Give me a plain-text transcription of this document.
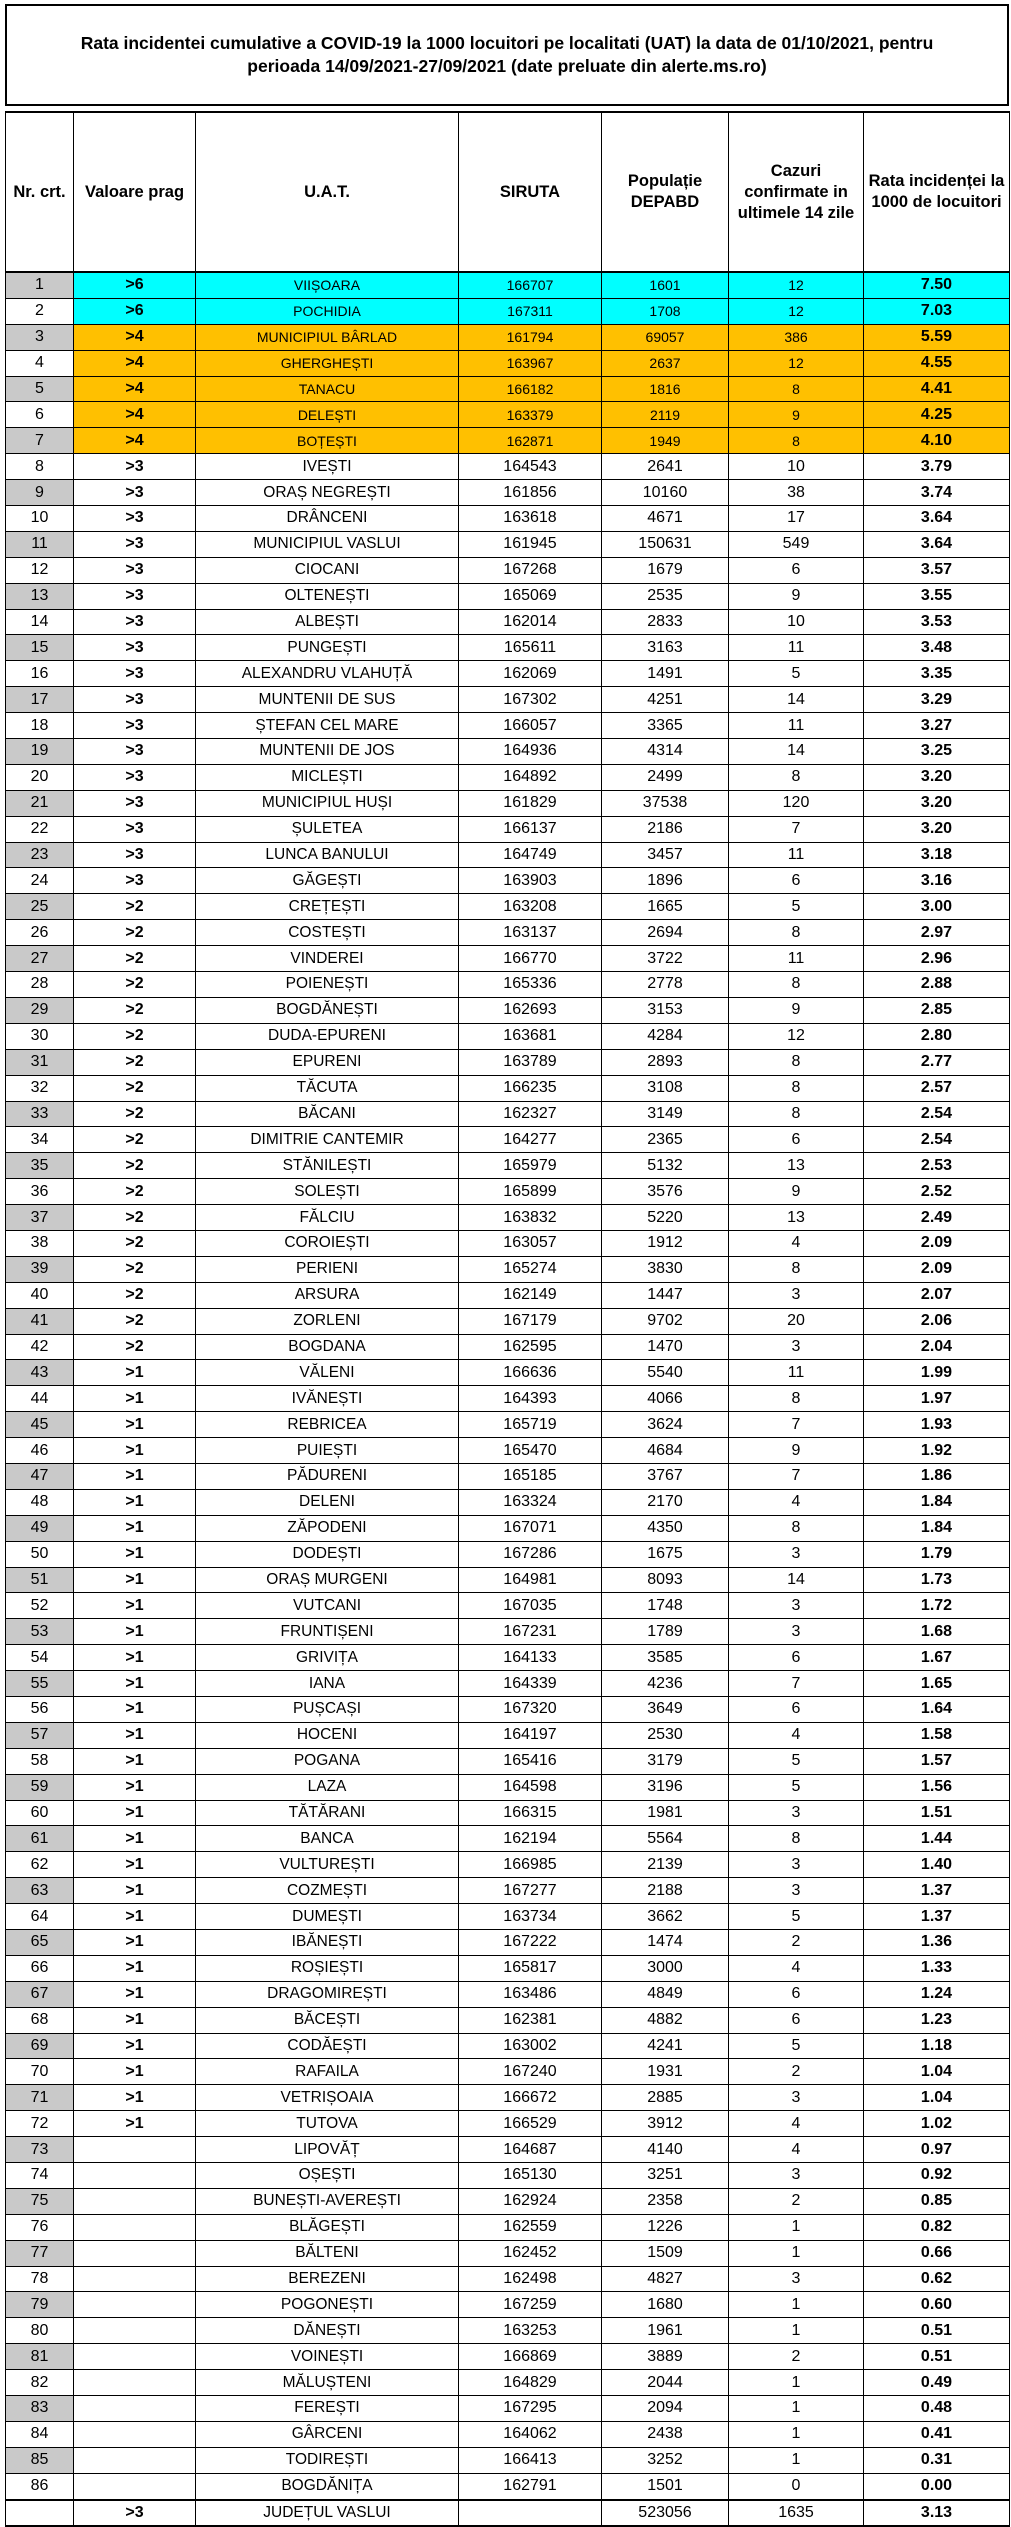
Rata incidentei cumulative a COVID-19 la 1000 locuitori pe localitati (UAT) la data de 01/10/2021, pentru
perioada 14/09/2021-27/09/2021 (date preluate din alerte.ms.ro)
Nr. crt.	Valoare prag	U.A.T.	SIRUTA	Populație DEPABD	Cazuri confirmate in ultimele 14 zile	Rata incidenței la 1000 de locuitori
1	>6	VIIȘOARA	166707	1601	12	7.50
2	>6	POCHIDIA	167311	1708	12	7.03
3	>4	MUNICIPIUL BÂRLAD	161794	69057	386	5.59
4	>4	GHERGHEȘTI	163967	2637	12	4.55
5	>4	TANACU	166182	1816	8	4.41
6	>4	DELEȘTI	163379	2119	9	4.25
7	>4	BOȚEȘTI	162871	1949	8	4.10
8	>3	IVEȘTI	164543	2641	10	3.79
9	>3	ORAȘ NEGREȘTI	161856	10160	38	3.74
10	>3	DRÂNCENI	163618	4671	17	3.64
11	>3	MUNICIPIUL VASLUI	161945	150631	549	3.64
12	>3	CIOCANI	167268	1679	6	3.57
13	>3	OLTENEȘTI	165069	2535	9	3.55
14	>3	ALBEȘTI	162014	2833	10	3.53
15	>3	PUNGEȘTI	165611	3163	11	3.48
16	>3	ALEXANDRU VLAHUȚĂ	162069	1491	5	3.35
17	>3	MUNTENII DE SUS	167302	4251	14	3.29
18	>3	ȘTEFAN CEL MARE	166057	3365	11	3.27
19	>3	MUNTENII DE JOS	164936	4314	14	3.25
20	>3	MICLEȘTI	164892	2499	8	3.20
21	>3	MUNICIPIUL HUȘI	161829	37538	120	3.20
22	>3	ȘULETEA	166137	2186	7	3.20
23	>3	LUNCA BANULUI	164749	3457	11	3.18
24	>3	GĂGEȘTI	163903	1896	6	3.16
25	>2	CREȚEȘTI	163208	1665	5	3.00
26	>2	COSTEȘTI	163137	2694	8	2.97
27	>2	VINDEREI	166770	3722	11	2.96
28	>2	POIENEȘTI	165336	2778	8	2.88
29	>2	BOGDĂNEȘTI	162693	3153	9	2.85
30	>2	DUDA-EPURENI	163681	4284	12	2.80
31	>2	EPURENI	163789	2893	8	2.77
32	>2	TĂCUTA	166235	3108	8	2.57
33	>2	BĂCANI	162327	3149	8	2.54
34	>2	DIMITRIE CANTEMIR	164277	2365	6	2.54
35	>2	STĂNILEȘTI	165979	5132	13	2.53
36	>2	SOLEȘTI	165899	3576	9	2.52
37	>2	FĂLCIU	163832	5220	13	2.49
38	>2	COROIEȘTI	163057	1912	4	2.09
39	>2	PERIENI	165274	3830	8	2.09
40	>2	ARSURA	162149	1447	3	2.07
41	>2	ZORLENI	167179	9702	20	2.06
42	>2	BOGDANA	162595	1470	3	2.04
43	>1	VĂLENI	166636	5540	11	1.99
44	>1	IVĂNEȘTI	164393	4066	8	1.97
45	>1	REBRICEA	165719	3624	7	1.93
46	>1	PUIEȘTI	165470	4684	9	1.92
47	>1	PĂDURENI	165185	3767	7	1.86
48	>1	DELENI	163324	2170	4	1.84
49	>1	ZĂPODENI	167071	4350	8	1.84
50	>1	DODEȘTI	167286	1675	3	1.79
51	>1	ORAȘ MURGENI	164981	8093	14	1.73
52	>1	VUTCANI	167035	1748	3	1.72
53	>1	FRUNTIȘENI	167231	1789	3	1.68
54	>1	GRIVIȚA	164133	3585	6	1.67
55	>1	IANA	164339	4236	7	1.65
56	>1	PUȘCAȘI	167320	3649	6	1.64
57	>1	HOCENI	164197	2530	4	1.58
58	>1	POGANA	165416	3179	5	1.57
59	>1	LAZA	164598	3196	5	1.56
60	>1	TĂTĂRANI	166315	1981	3	1.51
61	>1	BANCA	162194	5564	8	1.44
62	>1	VULTUREȘTI	166985	2139	3	1.40
63	>1	COZMEȘTI	167277	2188	3	1.37
64	>1	DUMEȘTI	163734	3662	5	1.37
65	>1	IBĂNEȘTI	167222	1474	2	1.36
66	>1	ROȘIEȘTI	165817	3000	4	1.33
67	>1	DRAGOMIREȘTI	163486	4849	6	1.24
68	>1	BĂCEȘTI	162381	4882	6	1.23
69	>1	CODĂEȘTI	163002	4241	5	1.18
70	>1	RAFAILA	167240	1931	2	1.04
71	>1	VETRIȘOAIA	166672	2885	3	1.04
72	>1	TUTOVA	166529	3912	4	1.02
73		LIPOVĂȚ	164687	4140	4	0.97
74		OȘEȘTI	165130	3251	3	0.92
75		BUNEȘTI-AVEREȘTI	162924	2358	2	0.85
76		BLĂGEȘTI	162559	1226	1	0.82
77		BĂLTENI	162452	1509	1	0.66
78		BEREZENI	162498	4827	3	0.62
79		POGONEȘTI	167259	1680	1	0.60
80		DĂNEȘTI	163253	1961	1	0.51
81		VOINEȘTI	166869	3889	2	0.51
82		MĂLUȘTENI	164829	2044	1	0.49
83		FEREȘTI	167295	2094	1	0.48
84		GÂRCENI	164062	2438	1	0.41
85		TODIREȘTI	166413	3252	1	0.31
86		BOGDĂNIȚA	162791	1501	0	0.00
	>3	JUDEȚUL VASLUI		523056	1635	3.13
